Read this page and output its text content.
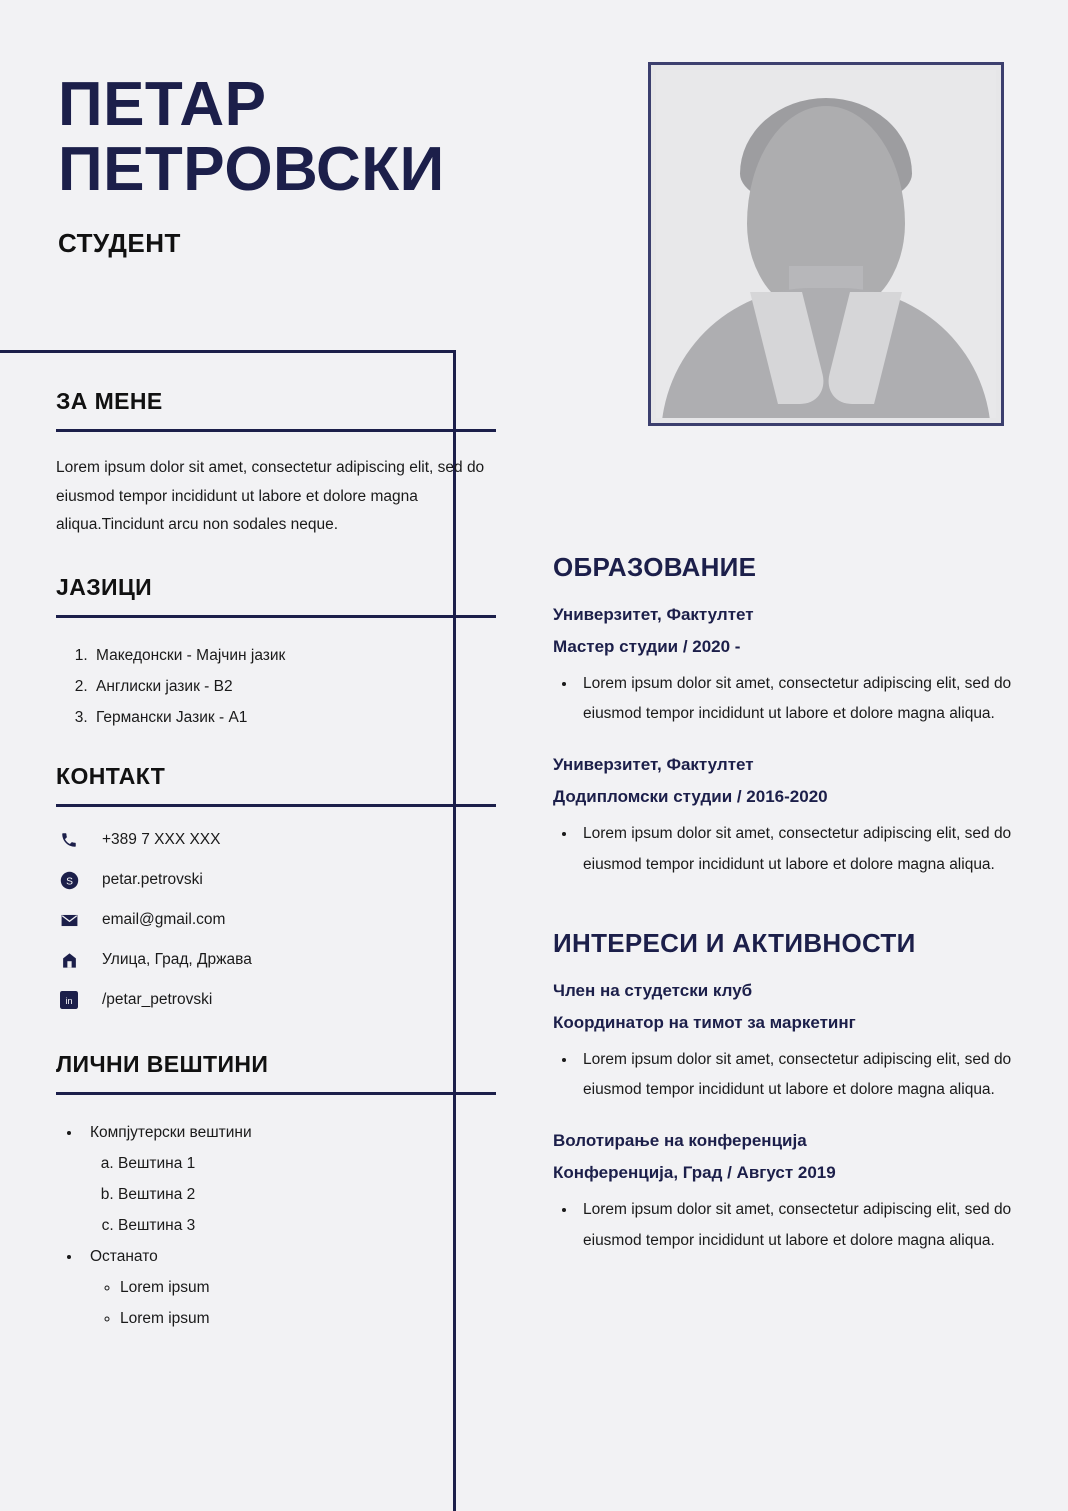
ПЕТАР
ПЕТРОВСКИ
СТУДЕНТ
ЗА МЕНЕ
Lorem ipsum dolor sit amet, consectetur adipiscing elit, sed do eiusmod tempor incididunt ut labore et dolore magna aliqua.Tincidunt arcu non sodales neque.
ЈАЗИЦИ
1. Македонски - Мајчин јазик
2. Англиски јазик - B2
3. Германски Јазик - A1
КОНТАКТ
+389 7 XXX XXX
S petar.petrovski
email@gmail.com
Улица, Град, Држава
in /petar_petrovski
ЛИЧНИ ВЕШТИНИ
• Компјутерски вештини
a. Вештина 1
b. Вештина 2
c. Вештина 3
• Останато
◦ Lorem ipsum
◦ Lorem ipsum
ОБРАЗОВАНИЕ
Универзитет, Фактултет
Мастер студии / 2020 -
• Lorem ipsum dolor sit amet, consectetur adipiscing elit, sed do eiusmod tempor incididunt ut labore et dolore magna aliqua.
Универзитет, Фактултет
Додипломски студии / 2016-2020
• Lorem ipsum dolor sit amet, consectetur adipiscing elit, sed do eiusmod tempor incididunt ut labore et dolore magna aliqua.
ИНТЕРЕСИ И АКТИВНОСТИ
Член на студетски клуб
Координатор на тимот за маркетинг
• Lorem ipsum dolor sit amet, consectetur adipiscing elit, sed do eiusmod tempor incididunt ut labore et dolore magna aliqua.
Волотирање на конференција
Конференција, Град / Август 2019
• Lorem ipsum dolor sit amet, consectetur adipiscing elit, sed do eiusmod tempor incididunt ut labore et dolore magna aliqua.
